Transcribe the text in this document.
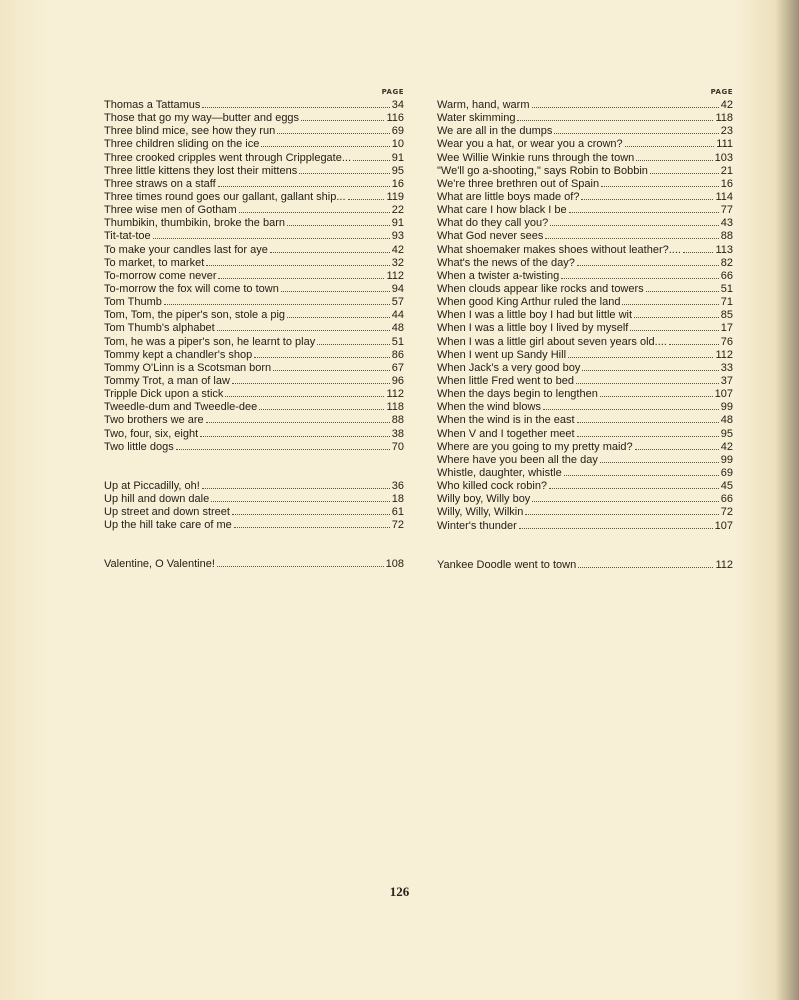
PAGE
Thomas a Tattamus	34
Those that go my way—butter and eggs	116
Three blind mice, see how they run	69
Three children sliding on the ice	10
Three crooked cripples went through Cripplegate...	91
Three little kittens they lost their mittens	95
Three straws on a staff	16
Three times round goes our gallant, gallant ship...	119
Three wise men of Gotham	22
Thumbikin, thumbikin, broke the barn	91
Tit-tat-toe	93
To make your candles last for aye	42
To market, to market	32
To-morrow come never	112
To-morrow the fox will come to town	94
Tom Thumb	57
Tom, Tom, the piper's son, stole a pig	44
Tom Thumb's alphabet	48
Tom, he was a piper's son, he learnt to play	51
Tommy kept a chandler's shop	86
Tommy O'Linn is a Scotsman born	67
Tommy Trot, a man of law	96
Tripple Dick upon a stick	112
Tweedle-dum and Tweedle-dee	118
Two brothers we are	88
Two, four, six, eight	38
Two little dogs	70
Up at Piccadilly, oh!	36
Up hill and down dale	18
Up street and down street	61
Up the hill take care of me	72
Valentine, O Valentine!	108
PAGE
Warm, hand, warm	42
Water skimming	118
We are all in the dumps	23
Wear you a hat, or wear you a crown?	111
Wee Willie Winkie runs through the town	103
"We'll go a-shooting," says Robin to Bobbin	21
We're three brethren out of Spain	16
What are little boys made of?	114
What care I how black I be	77
What do they call you?	43
What God never sees	88
What shoemaker makes shoes without leather?....	113
What's the news of the day?	82
When a twister a-twisting	66
When clouds appear like rocks and towers	51
When good King Arthur ruled the land	71
When I was a little boy I had but little wit	85
When I was a little boy I lived by myself	17
When I was a little girl about seven years old....	76
When I went up Sandy Hill	112
When Jack's a very good boy	33
When little Fred went to bed	37
When the days begin to lengthen	107
When the wind blows	99
When the wind is in the east	48
When V and I together meet	95
Where are you going to my pretty maid?	42
Where have you been all the day	99
Whistle, daughter, whistle	69
Who killed cock robin?	45
Willy boy, Willy boy	66
Willy, Willy, Wilkin	72
Winter's thunder	107
Yankee Doodle went to town	112
126
